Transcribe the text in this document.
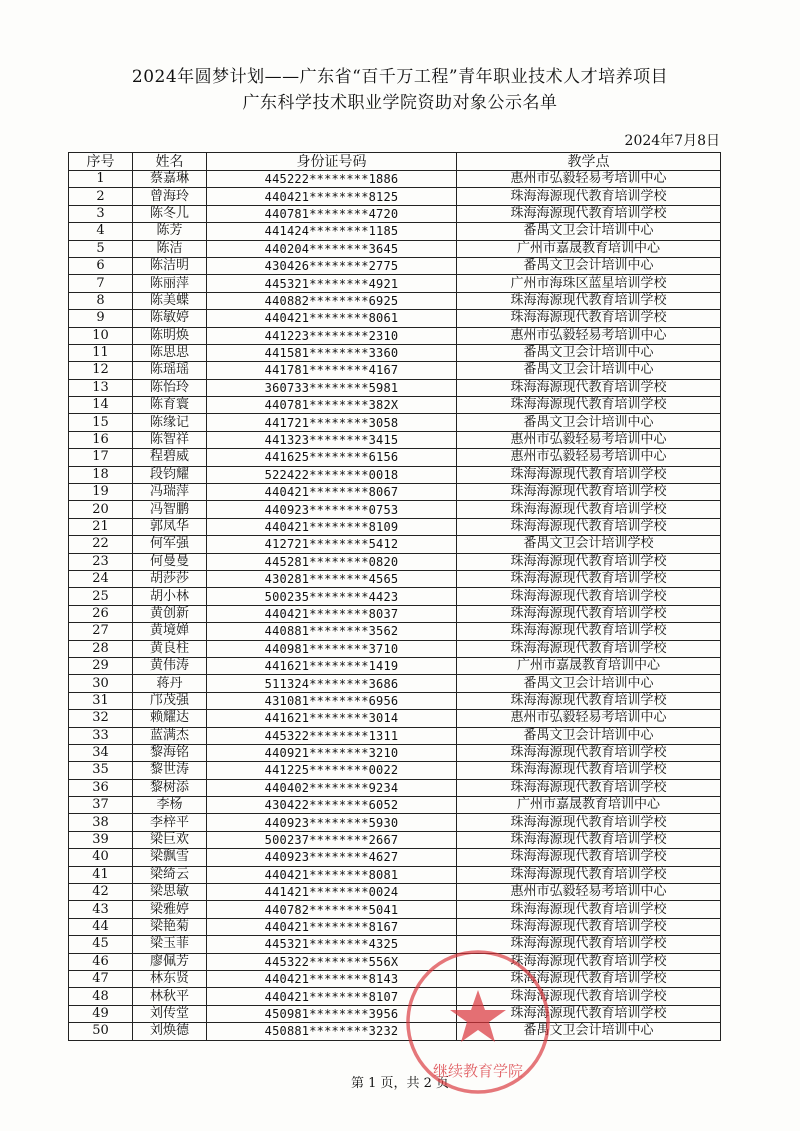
2024年圆梦计划——广东省“百千万工程”青年职业技术人才培养项目
广东科学技术职业学院资助对象公示名单
2024年7月8日
序号	姓名	身份证号码	教学点
1	蔡嘉琳	445222********1886	惠州市弘毅轻易考培训中心
2	曾海玲	440421********8125	珠海海源现代教育培训学校
3	陈冬儿	440781********4720	珠海海源现代教育培训学校
4	陈芳	441424********1185	番禺文卫会计培训中心
5	陈洁	440204********3645	广州市嘉晟教育培训中心
6	陈洁明	430426********2775	番禺文卫会计培训中心
7	陈丽萍	445321********4921	广州市海珠区蓝星培训学校
8	陈美蝶	440882********6925	珠海海源现代教育培训学校
9	陈敏婷	440421********8061	珠海海源现代教育培训学校
10	陈明焕	441223********2310	惠州市弘毅轻易考培训中心
11	陈思思	441581********3360	番禺文卫会计培训中心
12	陈瑶瑶	441781********4167	番禺文卫会计培训中心
13	陈怡玲	360733********5981	珠海海源现代教育培训学校
14	陈育寰	440781********382X	珠海海源现代教育培训学校
15	陈缘记	441721********3058	番禺文卫会计培训中心
16	陈智祥	441323********3415	惠州市弘毅轻易考培训中心
17	程碧威	441625********6156	惠州市弘毅轻易考培训中心
18	段钧耀	522422********0018	珠海海源现代教育培训学校
19	冯瑞萍	440421********8067	珠海海源现代教育培训学校
20	冯智鹏	440923********0753	珠海海源现代教育培训学校
21	郭凤华	440421********8109	珠海海源现代教育培训学校
22	何军强	412721********5412	番禺文卫会计培训学校
23	何曼曼	445281********0820	珠海海源现代教育培训学校
24	胡莎莎	430281********4565	珠海海源现代教育培训学校
25	胡小林	500235********4423	珠海海源现代教育培训学校
26	黄创新	440421********8037	珠海海源现代教育培训学校
27	黄境婵	440881********3562	珠海海源现代教育培训学校
28	黄良柱	440981********3710	珠海海源现代教育培训学校
29	黄伟涛	441621********1419	广州市嘉晟教育培训中心
30	蒋丹	511324********3686	番禺文卫会计培训中心
31	邝茂强	431081********6956	珠海海源现代教育培训学校
32	赖耀达	441621********3014	惠州市弘毅轻易考培训中心
33	蓝满杰	445322********1311	番禺文卫会计培训中心
34	黎海铭	440921********3210	珠海海源现代教育培训学校
35	黎世涛	441225********0022	珠海海源现代教育培训学校
36	黎树添	440402********9234	珠海海源现代教育培训学校
37	李杨	430422********6052	广州市嘉晟教育培训中心
38	李梓平	440923********5930	珠海海源现代教育培训学校
39	梁巨欢	500237********2667	珠海海源现代教育培训学校
40	梁飘雪	440923********4627	珠海海源现代教育培训学校
41	梁绮云	440421********8081	珠海海源现代教育培训学校
42	梁思敏	441421********0024	惠州市弘毅轻易考培训中心
43	梁雅婷	440782********5041	珠海海源现代教育培训学校
44	梁艳菊	440421********8167	珠海海源现代教育培训学校
45	梁玉菲	445321********4325	珠海海源现代教育培训学校
46	廖佩芳	445322********556X	珠海海源现代教育培训学校
47	林东贤	440421********8143	珠海海源现代教育培训学校
48	林秋平	440421********8107	珠海海源现代教育培训学校
49	刘传堂	450981********3956	珠海海源现代教育培训学校
50	刘焕德	450881********3232	番禺文卫会计培训中心
第 1 页，共 2 页
继续教育学院
